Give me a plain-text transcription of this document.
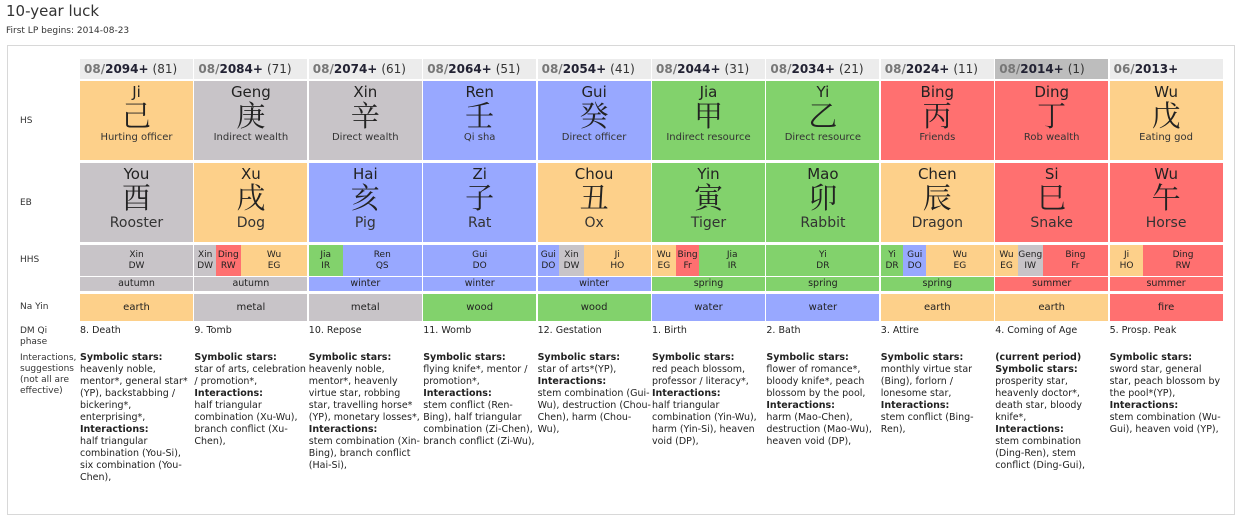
10-year luck
First LP begins: 2014-08-23
HS
EB
HHS
Na Yin
DM Qi
phase
Interactions,
suggestions
(not all are
effective)
08/2094+ (81)
Ji
己
Hurting officer
You
酉
Rooster
Xin
DW
autumn
earth
8. Death
Symbolic stars:
heavenly noble, mentor*, general star*(YP), backstabbing / bickering*, enterprising*,
Interactions:
half triangular combination (You-Si), six combination (You-Chen),

08/2084+ (71)
Geng
庚
Indirect wealth
Xu
戌
Dog
Xin
DW
Ding
RW
Wu
EG
autumn
metal
9. Tomb
Symbolic stars:
star of arts, celebration / promotion*,
Interactions:
half triangular combination (Xu-Wu), branch conflict (Xu-Chen),

08/2074+ (61)
Xin
辛
Direct wealth
Hai
亥
Pig
Jia
IR
Ren
QS
winter
metal
10. Repose
Symbolic stars:
heavenly noble, mentor*, heavenly virtue star, robbing star, travelling horse*(YP), monetary losses*,
Interactions:
stem combination (Xin-Bing), branch conflict (Hai-Si),

08/2064+ (51)
Ren
壬
Qi sha
Zi
子
Rat
Gui
DO
winter
wood
11. Womb
Symbolic stars:
flying knife*, mentor / promotion*,
Interactions:
stem conflict (Ren-Bing), half triangular combination (Zi-Chen), branch conflict (Zi-Wu),

08/2054+ (41)
Gui
癸
Direct officer
Chou
丑
Ox
Gui
DO
Xin
DW
Ji
HO
winter
wood
12. Gestation
Symbolic stars:
star of arts*(YP),
Interactions:
stem combination (Gui-Wu), destruction (Chou-Chen), harm (Chou-Wu),

08/2044+ (31)
Jia
甲
Indirect resource
Yin
寅
Tiger
Wu
EG
Bing
Fr
Jia
IR
spring
water
1. Birth
Symbolic stars:
red peach blossom, professor / literacy*,
Interactions:
half triangular combination (Yin-Wu), harm (Yin-Si), heaven void (DP),

08/2034+ (21)
Yi
乙
Direct resource
Mao
卯
Rabbit
Yi
DR
spring
water
2. Bath
Symbolic stars:
flower of romance*, bloody knife*, peach blossom by the pool,
Interactions:
harm (Mao-Chen), destruction (Mao-Wu), heaven void (DP),

08/2024+ (11)
Bing
丙
Friends
Chen
辰
Dragon
Yi
DR
Gui
DO
Wu
EG
spring
earth
3. Attire
Symbolic stars:
monthly virtue star (Bing), forlorn / lonesome star,
Interactions:
stem conflict (Bing-Ren),

08/2014+ (1)
Ding
丁
Rob wealth
Si
巳
Snake
Wu
EG
Geng
IW
Bing
Fr
summer
earth
4. Coming of Age
(current period)
Symbolic stars:
prosperity star, heavenly doctor*, death star, bloody knife*,
Interactions:
stem combination (Ding-Ren), stem conflict (Ding-Gui),

06/2013+
Wu
戊
Eating god
Wu
午
Horse
Ji
HO
Ding
RW
summer
fire
5. Prosp. Peak
Symbolic stars:
sword star, general star, peach blossom by the pool*(YP),
Interactions:
stem combination (Wu-Gui), heaven void (YP),
